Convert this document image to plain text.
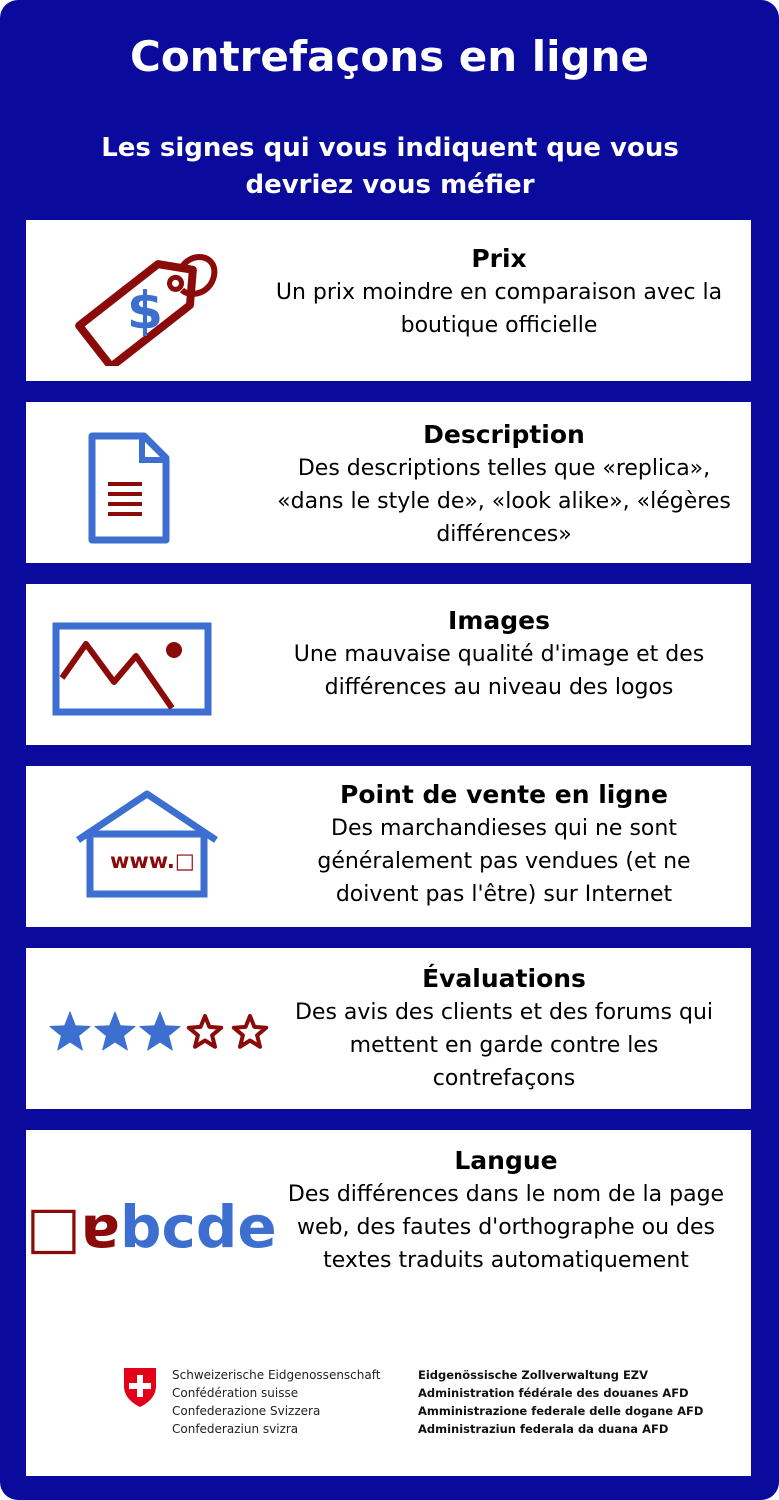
Contrefaçons en ligne
Les signes qui vous indiquent que vous devriez vous méfier
$
Prix

Un prix moindre en comparaison avec la boutique officielle

Description

Des descriptions telles que «replica», «dans le style de», «look alike», «légères différences»

Images

Une mauvaise qualité d'image et des différences au niveau des logos

www.□
Point de vente en ligne

Des marchandieses qui ne sont généralement pas vendues (et ne doivent pas l'être) sur Internet

Évaluations

Des avis des clients et des forums qui mettent en garde contre les contrefaçons

□ɐbcde
Langue

Des différences dans le nom de la page web, des fautes d'orthographe ou des textes traduits automatiquement

Schweizerische Eidgenossenschaft
Confédération suisse
Confederazione Svizzera
Confederaziun svizra
Eidgenössische Zollverwaltung EZV
Administration fédérale des douanes AFD
Amministrazione federale delle dogane AFD
Administraziun federala da duana AFD
